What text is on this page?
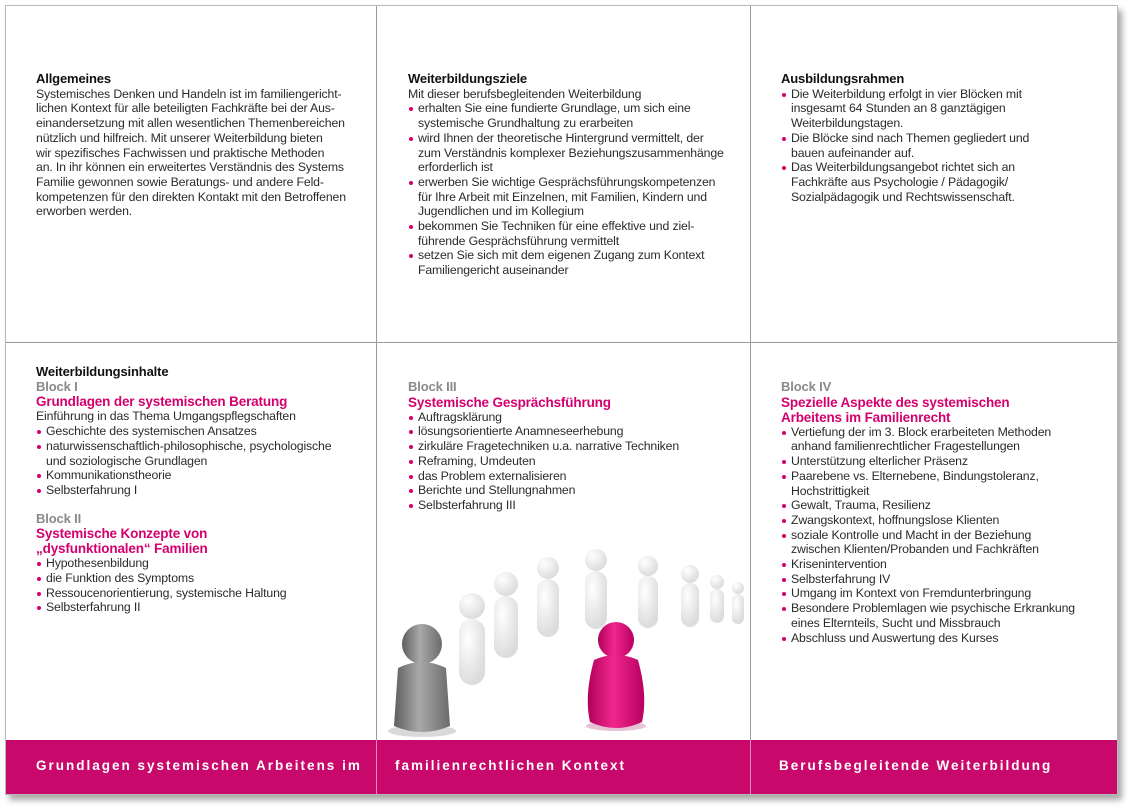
Allgemeines
Systemisches Denken und Handeln ist im familiengericht-
lichen Kontext für alle beteiligten Fachkräfte bei der Aus-
einandersetzung mit allen wesentlichen Themenbereichen
nützlich und hilfreich. Mit unserer Weiterbildung bieten
wir spezifisches Fachwissen und praktische Methoden
an. In ihr können ein erweitertes Verständnis des Systems
Familie gewonnen sowie Beratungs- und andere Feld-
kompetenzen für den direkten Kontakt mit den Betroffenen
erworben werden.
Weiterbildungsziele
Mit dieser berufsbegleitenden Weiterbildung
erhalten Sie eine fundierte Grundlage, um sich eine
systemische Grundhaltung zu erarbeiten
wird Ihnen der theoretische Hintergrund vermittelt, der
zum Verständnis komplexer Beziehungszusammenhänge
erforderlich ist
erwerben Sie wichtige Gesprächsführungskompetenzen
für Ihre Arbeit mit Einzelnen, mit Familien, Kindern und
Jugendlichen und im Kollegium
bekommen Sie Techniken für eine effektive und ziel-
führende Gesprächsführung vermittelt
setzen Sie sich mit dem eigenen Zugang zum Kontext
Familiengericht auseinander
Ausbildungsrahmen
Die Weiterbildung erfolgt in vier Blöcken mit
insgesamt 64 Stunden an 8 ganztägigen
Weiterbildungstagen.
Die Blöcke sind nach Themen gegliedert und
bauen aufeinander auf.
Das Weiterbildungsangebot richtet sich an
Fachkräfte aus Psychologie / Pädagogik/
Sozialpädagogik und Rechtswissenschaft.
Weiterbildungsinhalte
Block I
Grundlagen der systemischen Beratung
Einführung in das Thema Umgangspflegschaften
Geschichte des systemischen Ansatzes
naturwissenschaftlich-philosophische, psychologische
und soziologische Grundlagen
Kommunikationstheorie
Selbsterfahrung I
Block II
Systemische Konzepte von
„dysfunktionalen“ Familien
Hypothesenbildung
die Funktion des Symptoms
Ressoucenorientierung, systemische Haltung
Selbsterfahrung II
Block III
Systemische Gesprächsführung
Auftragsklärung
lösungsorientierte Anamneseerhebung
zirkuläre Fragetechniken u.a. narrative Techniken
Reframing, Umdeuten
das Problem externalisieren
Berichte und Stellungnahmen
Selbsterfahrung III
Block IV
Spezielle Aspekte des systemischen
Arbeitens im Familienrecht
Vertiefung der im 3. Block erarbeiteten Methoden
anhand familienrechtlicher Fragestellungen
Unterstützung elterlicher Präsenz
Paarebene vs. Elternebene, Bindungstoleranz,
Hochstrittigkeit
Gewalt, Trauma, Resilienz
Zwangskontext, hoffnungslose Klienten
soziale Kontrolle und Macht in der Beziehung
zwischen Klienten/Probanden und Fachkräften
Krisenintervention
Selbsterfahrung IV
Umgang im Kontext von Fremdunterbringung
Besondere Problemlagen wie psychische Erkrankung
eines Elternteils, Sucht und Missbrauch
Abschluss und Auswertung des Kurses
Grundlagen systemischen Arbeitens im familienrechtlichen Kontext	Berufsbegleitende Weiterbildung
